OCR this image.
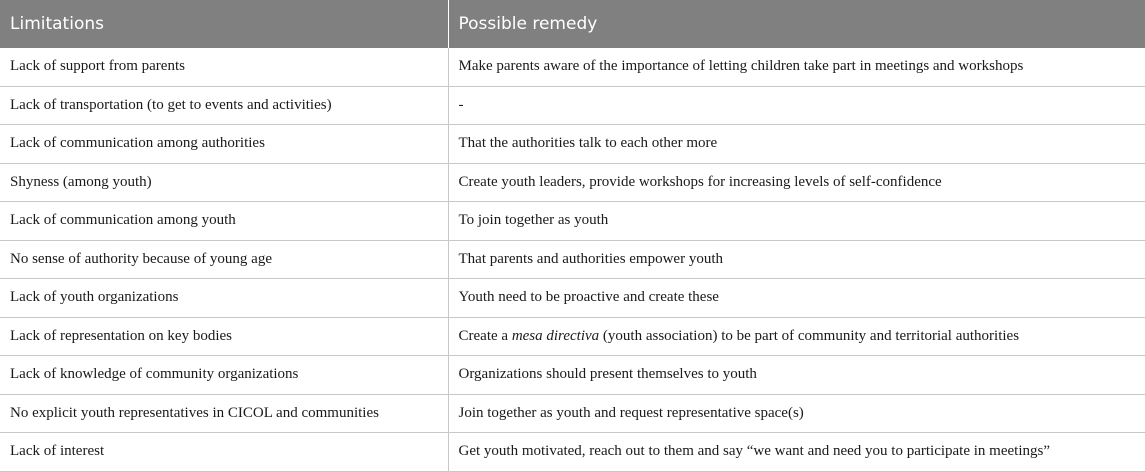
Limitations	Possible remedy
Lack of support from parents	Make parents aware of the importance of letting children take part in meetings and workshops
Lack of transportation (to get to events and activities)	-
Lack of communication among authorities	That the authorities talk to each other more
Shyness (among youth)	Create youth leaders, provide workshops for increasing levels of self-confidence
Lack of communication among youth	To join together as youth
No sense of authority because of young age	That parents and authorities empower youth
Lack of youth organizations	Youth need to be proactive and create these
Lack of representation on key bodies	Create a mesa directiva (youth association) to be part of community and territorial authorities
Lack of knowledge of community organizations	Organizations should present themselves to youth
No explicit youth representatives in CICOL and communities	Join together as youth and request representative space(s)
Lack of interest	Get youth motivated, reach out to them and say “we want and need you to participate in meetings”
